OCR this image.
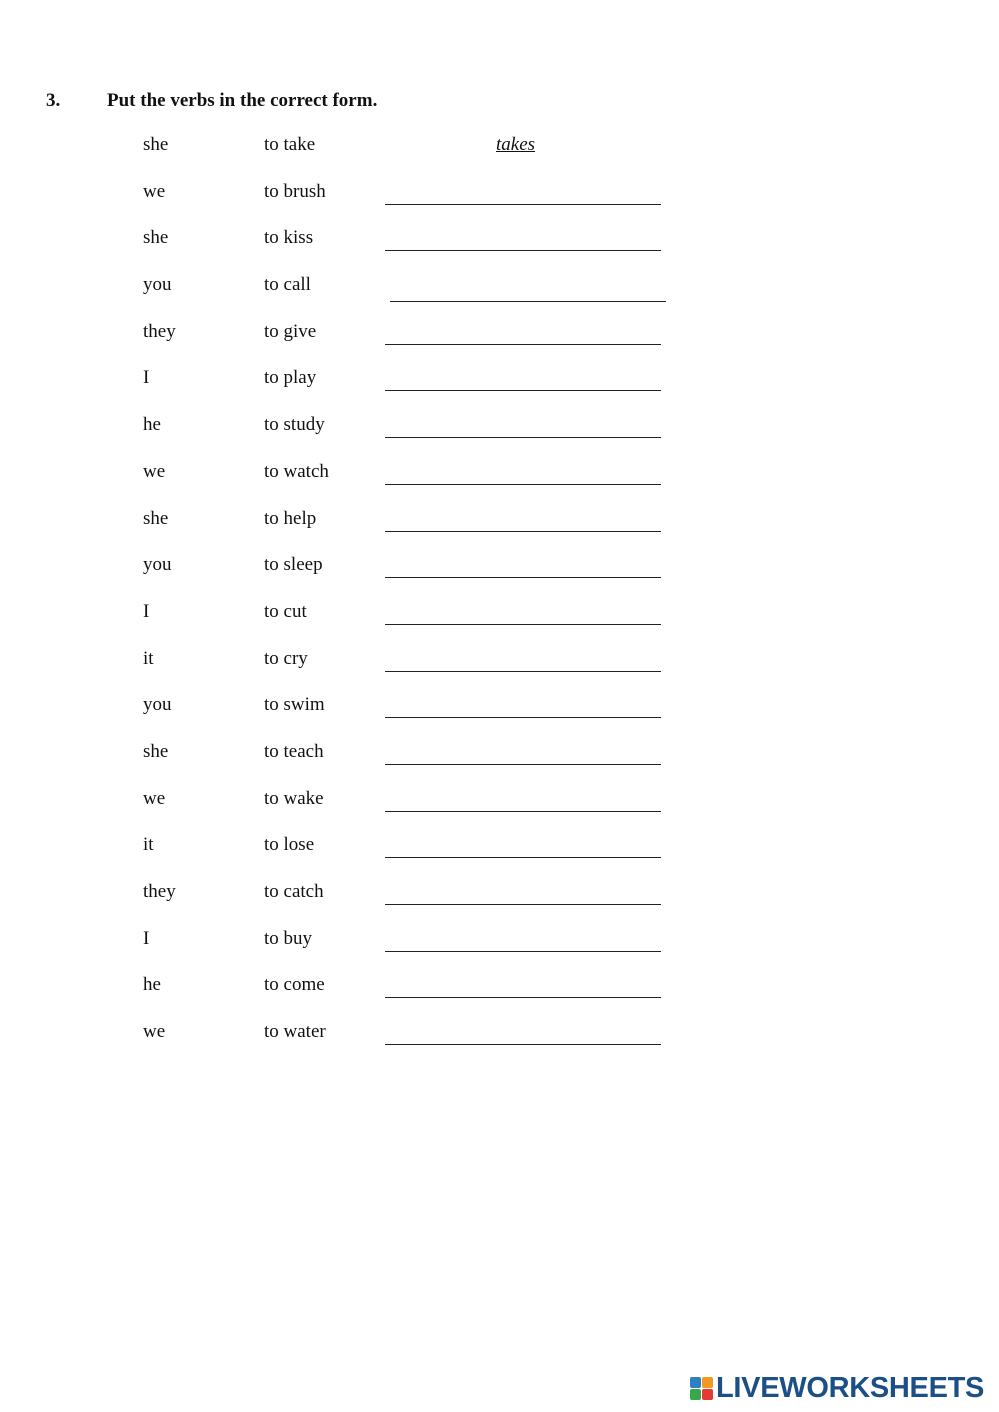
3. Put the verbs in the correct form.
she	to take	takes
we	to brush
she	to kiss
you	to call
they	to give
I	to play
he	to study
we	to watch
she	to help
you	to sleep
I	to cut
it	to cry
you	to swim
she	to teach
we	to wake
it	to lose
they	to catch
I	to buy
he	to come
we	to water
LIVEWORKSHEETS
